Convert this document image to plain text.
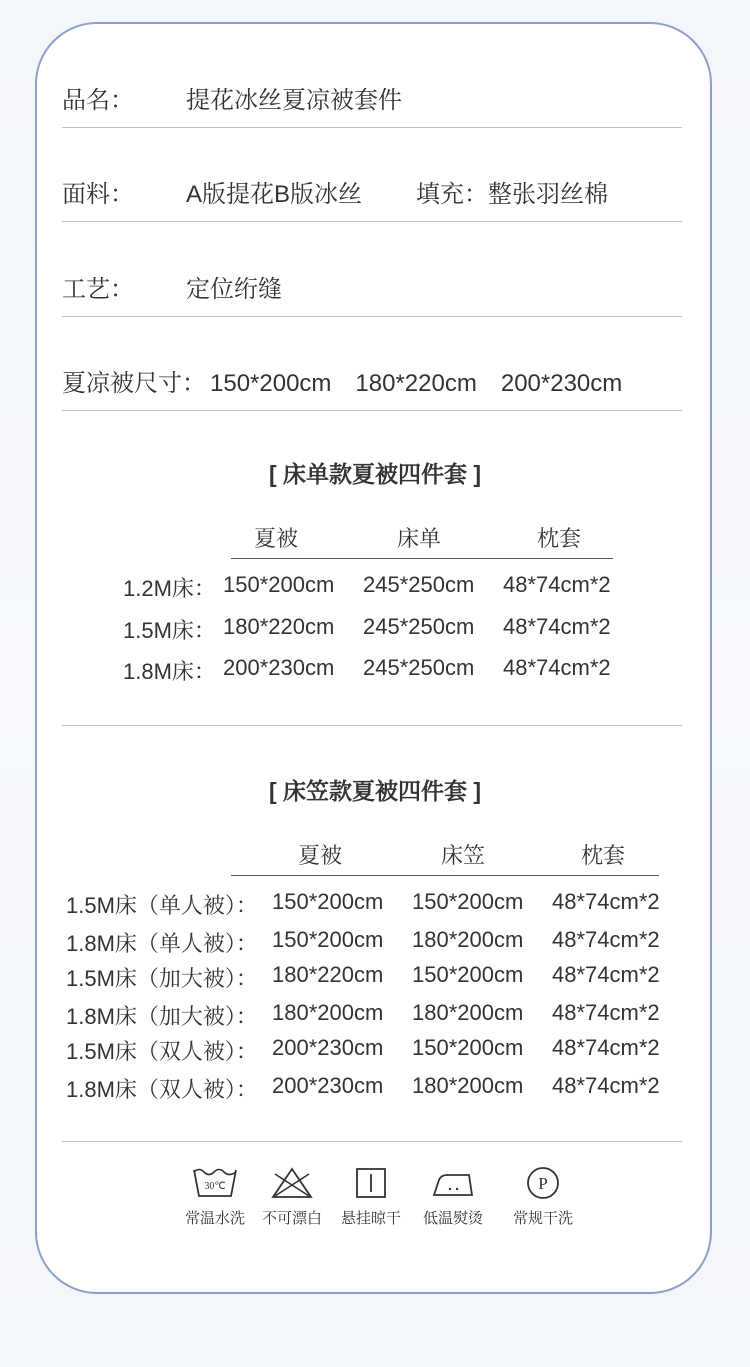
品名： 提花冰丝夏凉被套件
面料： A版提花B版冰丝 填充：整张羽丝棉
工艺： 定位绗缝
夏凉被尺寸： 150*200cm 180*220cm 200*230cm
[ 床单款夏被四件套 ]
夏被	床单	枕套
1.2M床： 150*200cm 245*250cm 48*74cm*2
1.5M床： 180*220cm 245*250cm 48*74cm*2
1.8M床： 200*230cm 245*250cm 48*74cm*2
[ 床笠款夏被四件套 ]
夏被	床笠	枕套
1.5M床（单人被）： 150*200cm 150*200cm 48*74cm*2
1.8M床（单人被）： 150*200cm 180*200cm 48*74cm*2
1.5M床（加大被）： 180*220cm 150*200cm 48*74cm*2
1.8M床（加大被）： 180*200cm 180*200cm 48*74cm*2
1.5M床（双人被）： 200*230cm 150*200cm 48*74cm*2
1.8M床（双人被）： 200*230cm 180*200cm 48*74cm*2
30℃
常温水洗 不可漂白 悬挂晾干	低温熨烫
P
常规干洗
